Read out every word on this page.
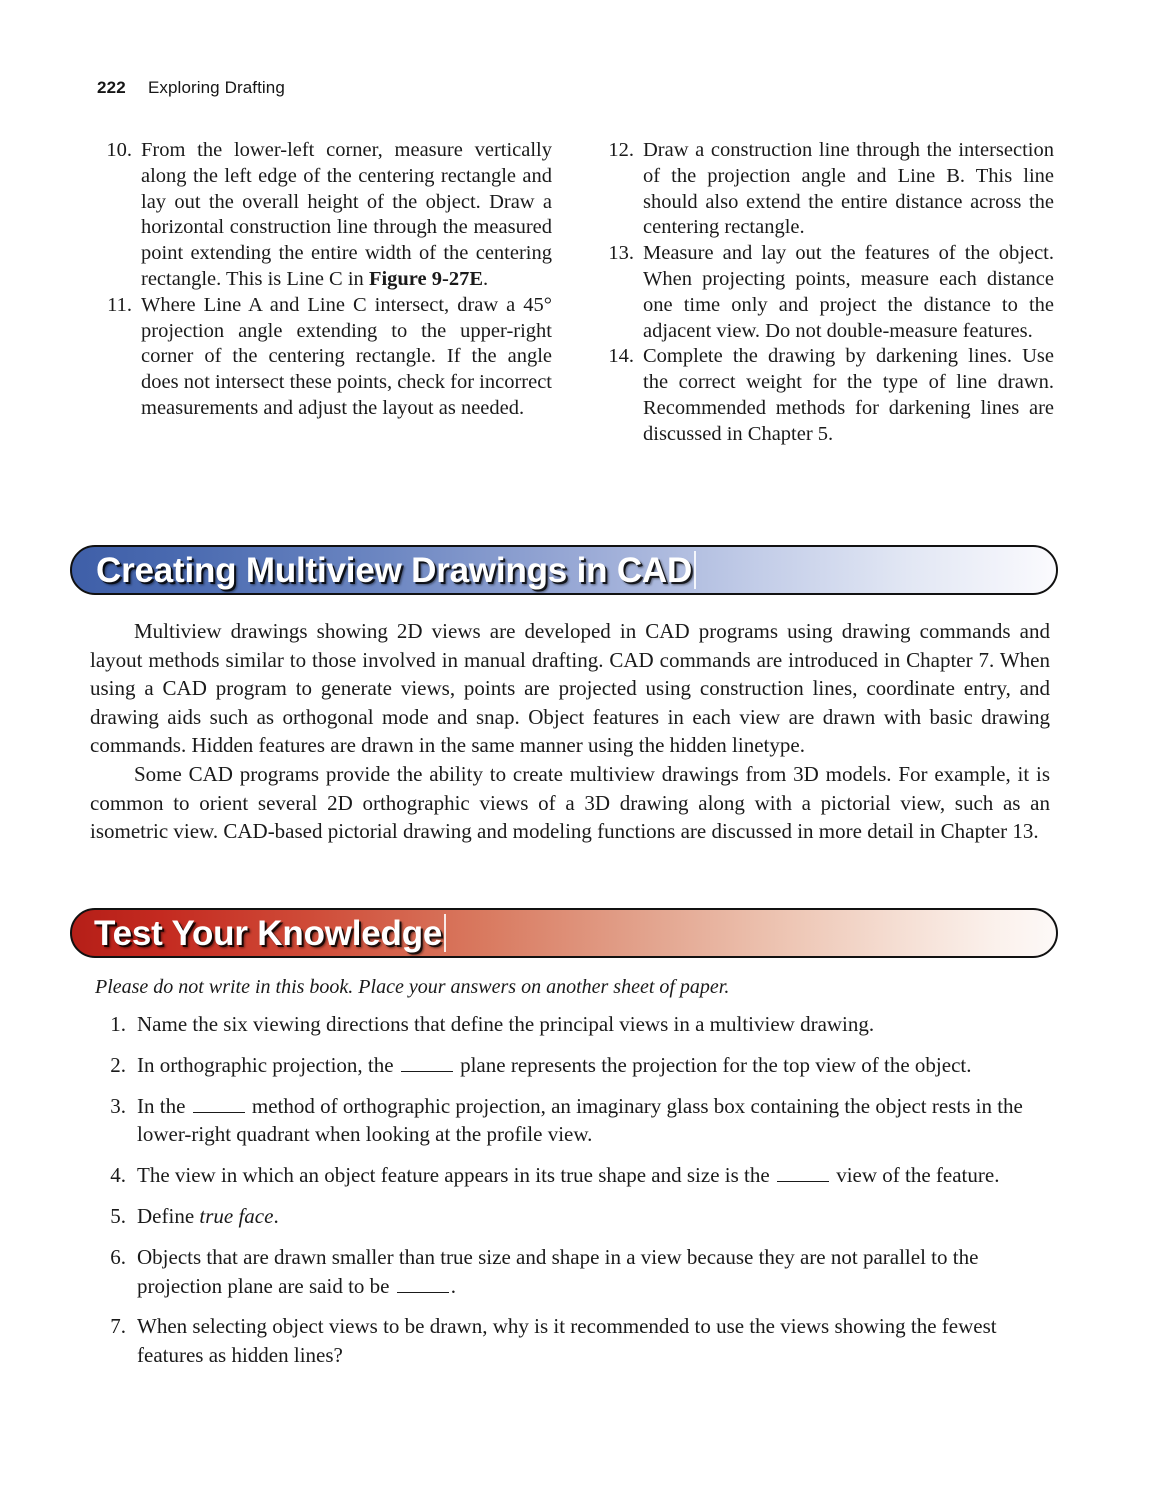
222 Exploring Drafting
10. From the lower-left corner, measure vertically along the left edge of the centering rectangle and lay out the overall height of the object. Draw a horizontal construction line through the measured point extending the entire width of the centering rectangle. This is Line C in Figure 9-27E.
11. Where Line A and Line C intersect, draw a 45° projection angle extending to the upper-right corner of the centering rectangle. If the angle does not intersect these points, check for incorrect measurements and adjust the layout as needed.
12. Draw a construction line through the intersection of the projection angle and Line B. This line should also extend the entire distance across the centering rectangle.
13. Measure and lay out the features of the object. When projecting points, measure each distance one time only and project the distance to the adjacent view. Do not double-measure features.
14. Complete the drawing by darkening lines. Use the correct weight for the type of line drawn. Recommended methods for darkening lines are discussed in Chapter 5.
Creating Multiview Drawings in CAD

Multiview drawings showing 2D views are developed in CAD programs using drawing commands and layout methods similar to those involved in manual drafting. CAD commands are introduced in Chapter 7. When using a CAD program to generate views, points are projected using construction lines, coordinate entry, and drawing aids such as orthogonal mode and snap. Object features in each view are drawn with basic drawing commands. Hidden features are drawn in the same manner using the hidden linetype.

Some CAD programs provide the ability to create multiview drawings from 3D models. For example, it is common to orient several 2D orthographic views of a 3D drawing along with a pictorial view, such as an isometric view. CAD-based pictorial drawing and modeling functions are discussed in more detail in Chapter 13.

Test Your Knowledge
Please do not write in this book. Place your answers on another sheet of paper.
1. Name the six viewing directions that define the principal views in a multiview drawing.
2. In orthographic projection, the	plane represents the projection for the top view of the object.
3. In the	method of orthographic projection, an imaginary glass box containing the object rests in the lower-right quadrant when looking at the profile view.
4. The view in which an object feature appears in its true shape and size is the	view of the feature.
5. Define true face.
6. Objects that are drawn smaller than true size and shape in a view because they are not parallel to the projection plane are said to be	.
7. When selecting object views to be drawn, why is it recommended to use the views showing the fewest features as hidden lines?
